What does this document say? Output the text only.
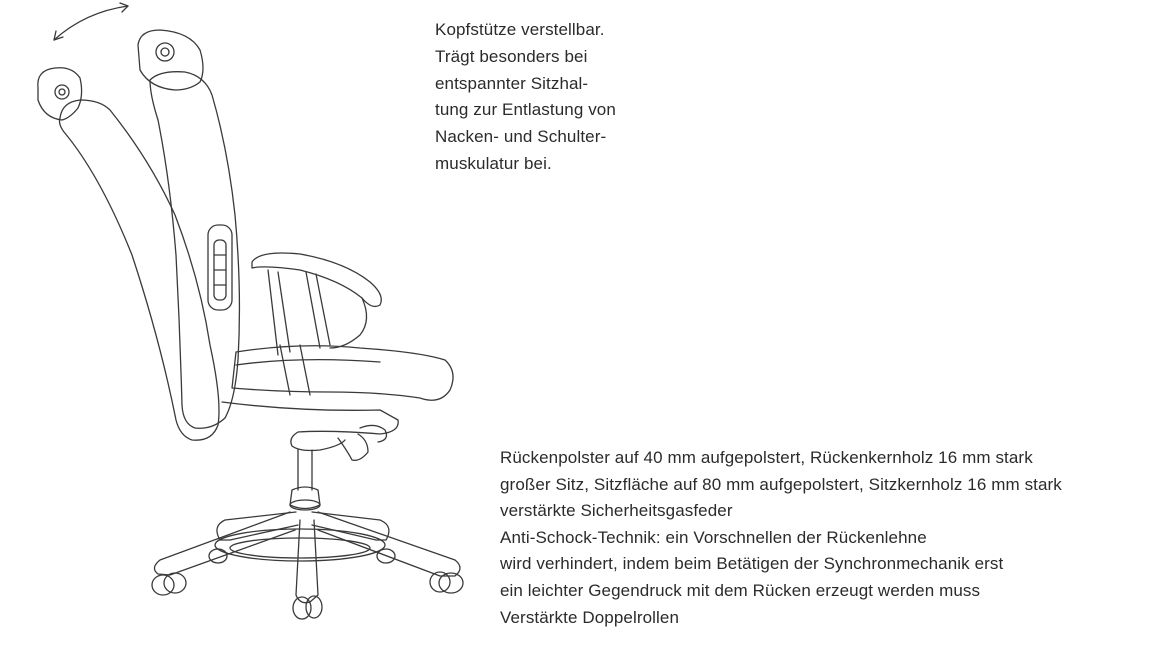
Kopfstütze verstellbar.
Trägt besonders bei
entspannter Sitzhal-
tung zur Entlastung von
Nacken- und Schulter-
muskulatur bei.
Rückenpolster auf 40 mm aufgepolstert, Rückenkernholz 16 mm stark
großer Sitz, Sitzfläche auf 80 mm aufgepolstert, Sitzkernholz 16 mm stark
verstärkte Sicherheitsgasfeder
Anti-Schock-Technik: ein Vorschnellen der Rückenlehne
wird verhindert, indem beim Betätigen der Synchronmechanik erst
ein leichter Gegendruck mit dem Rücken erzeugt werden muss
Verstärkte Doppelrollen
